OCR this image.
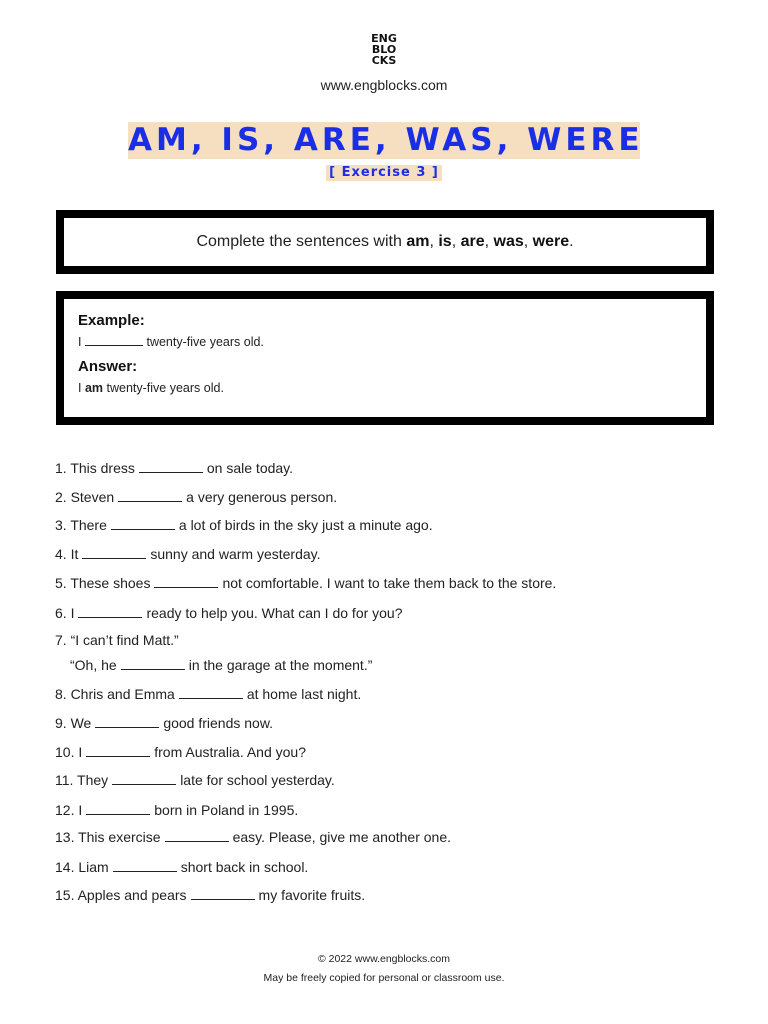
ENG
BLO
CKS
www.engblocks.com
AM, IS, ARE, WAS, WERE
[ Exercise 3 ]
Complete the sentences with am, is, are, was, were.
Example:
I	twenty-five years old.
Answer:
I am twenty-five years old.
1. This dress	on sale today.
2. Steven	a very generous person.
3. There	a lot of birds in the sky just a minute ago.
4. It	sunny and warm yesterday.
5. These shoes	not comfortable. I want to take them back to the store.
6. I	ready to help you. What can I do for you?
7. “I can’t find Matt.”
“Oh, he	in the garage at the moment.”
8. Chris and Emma	at home last night.
9. We	good friends now.
10. I	from Australia. And you?
11. They	late for school yesterday.
12. I	born in Poland in 1995.
13. This exercise	easy. Please, give me another one.
14. Liam	short back in school.
15. Apples and pears	my favorite fruits.
© 2022 www.engblocks.com
May be freely copied for personal or classroom use.
